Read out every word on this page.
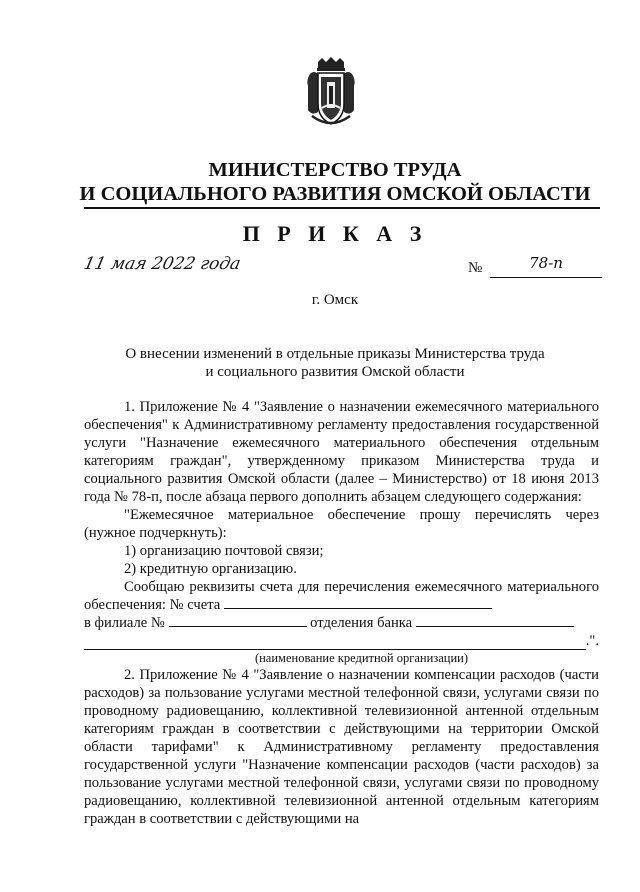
МИНИСТЕРСТВО ТРУДА
И СОЦИАЛЬНОГО РАЗВИТИЯ ОМСКОЙ ОБЛАСТИ
П Р И К А З
11 мая 2022 года	№	78-п
г. Омск
О внесении изменений в отдельные приказы Министерства труда
и социального развития Омской области

1. Приложение № 4 "Заявление о назначении ежемесячного материального обеспечения" к Административному регламенту предоставления государственной услуги "Назначение ежемесячного материального обеспечения отдельным категориям граждан", утвержденному приказом Министерства труда и социального развития Омской области (далее – Министерство) от 18 июня 2013 года № 78-п, после абзаца первого дополнить абзацем следующего содержания:

"Ежемесячное материальное обеспечение прошу перечислять через (нужное подчеркнуть):

1) организацию почтовой связи;

2) кредитную организацию.

Сообщаю реквизиты счета для перечисления ежемесячного материального обеспечения: № счета

в филиале №	отделения банка

.".

(наименование кредитной организации)

2. Приложение № 4 "Заявление о назначении компенсации расходов (части расходов) за пользование услугами местной телефонной связи, услугами связи по проводному радиовещанию, коллективной телевизионной антенной отдельным категориям граждан в соответствии с действующими на территории Омской области тарифами" к Административному регламенту предоставления государственной услуги "Назначение компенсации расходов (части расходов) за пользование услугами местной телефонной связи, услугами связи по проводному радиовещанию, коллективной телевизионной антенной отдельным категориям граждан в соответствии с действующими на
